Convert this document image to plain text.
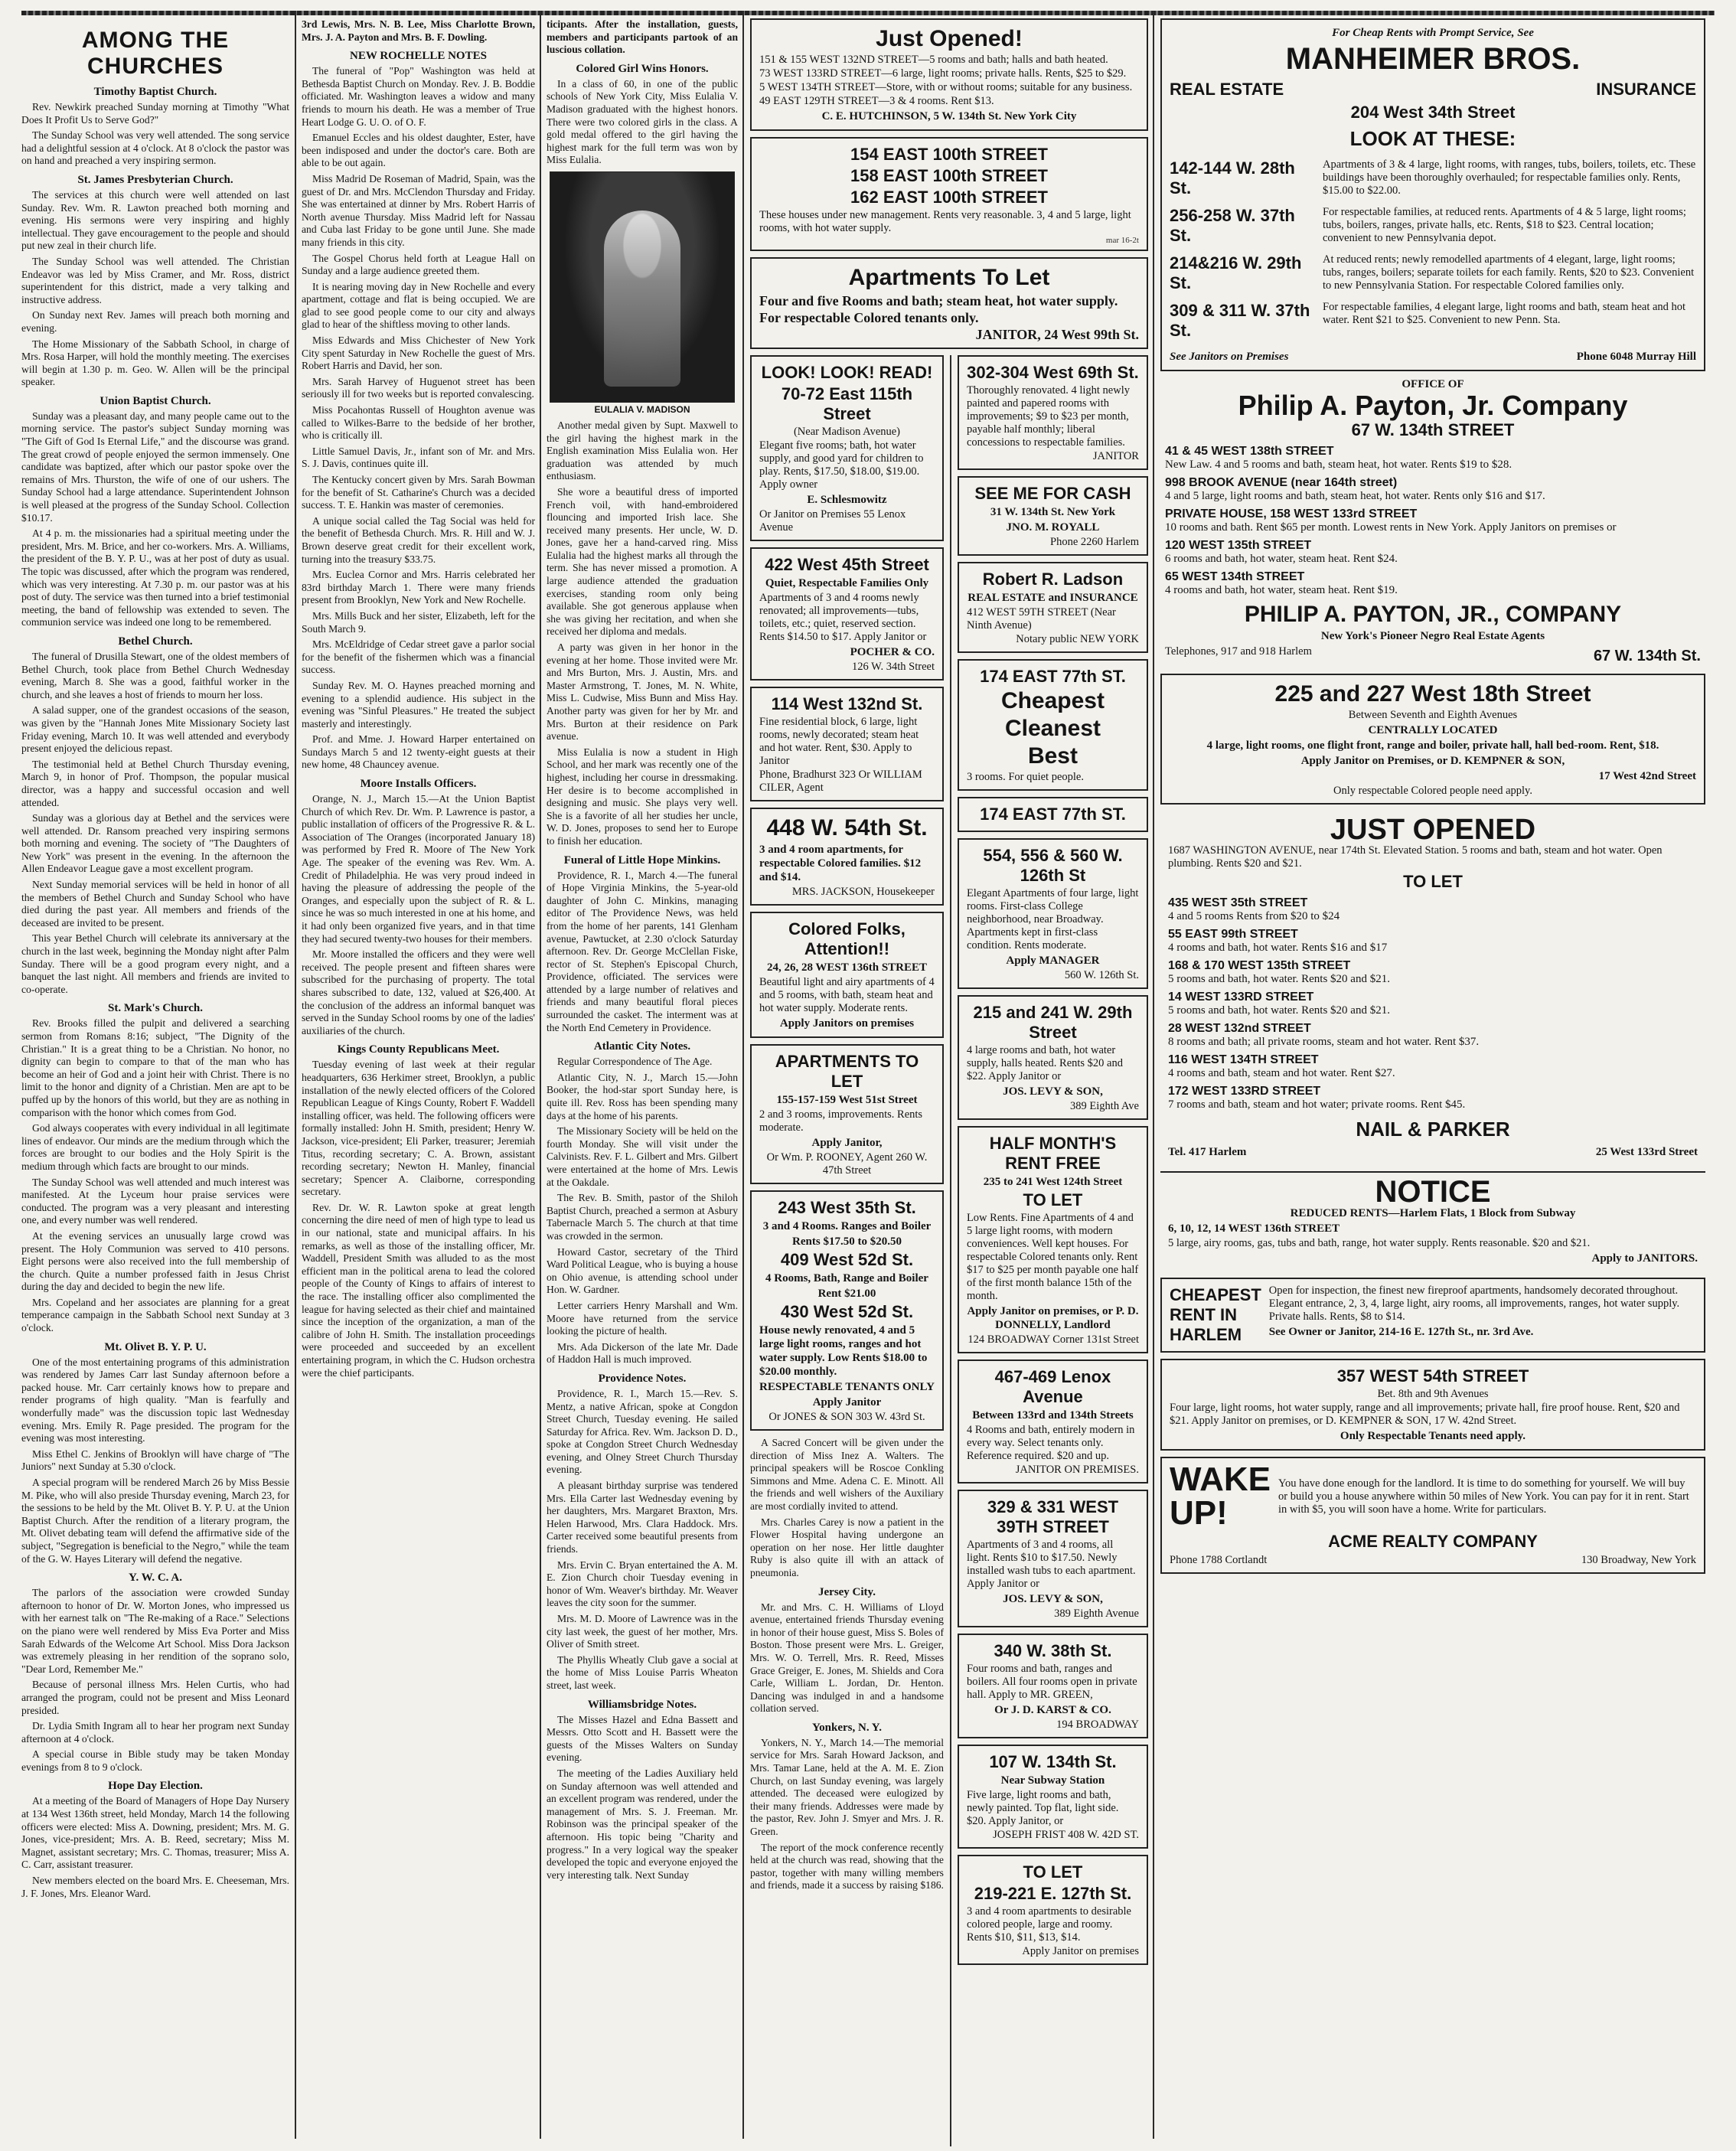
AMONG THE CHURCHES
Timothy Baptist Church.

Rev. Newkirk preached Sunday morning at Timothy "What Does It Profit Us to Serve God?"

The Sunday School was very well attended. The song service had a delightful session at 4 o'clock. At 8 o'clock the pastor was on hand and preached a very inspiring sermon.

St. James Presbyterian Church.

The services at this church were well attended on last Sunday. Rev. Wm. R. Lawton preached both morning and evening. His sermons were very inspiring and highly intellectual. They gave encouragement to the people and should put new zeal in their church life.

The Sunday School was well attended. The Christian Endeavor was led by Miss Cramer, and Mr. Ross, district superintendent for this district, made a very talking and instructive address.

On Sunday next Rev. James will preach both morning and evening.

The Home Missionary of the Sabbath School, in charge of Mrs. Rosa Harper, will hold the monthly meeting. The exercises will begin at 1.30 p. m. Geo. W. Allen will be the principal speaker.

Union Baptist Church.

Sunday was a pleasant day, and many people came out to the morning service. The pastor's subject Sunday morning was "The Gift of God Is Eternal Life," and the discourse was grand. The great crowd of people enjoyed the sermon immensely. One candidate was baptized, after which our pastor spoke over the remains of Mrs. Thurston, the wife of one of our ushers. The Sunday School had a large attendance. Superintendent Johnson is well pleased at the progress of the Sunday School. Collection $10.17.

At 4 p. m. the missionaries had a spiritual meeting under the president, Mrs. M. Brice, and her co-workers. Mrs. A. Williams, the president of the B. Y. P. U., was at her post of duty as usual. The topic was discussed, after which the program was rendered, which was very interesting. At 7.30 p. m. our pastor was at his post of duty. The service was then turned into a brief testimonial meeting, the band of fellowship was extended to seven. The communion service was indeed one long to be remembered.

Bethel Church.

The funeral of Drusilla Stewart, one of the oldest members of Bethel Church, took place from Bethel Church Wednesday evening, March 8. She was a good, faithful worker in the church, and she leaves a host of friends to mourn her loss.

A salad supper, one of the grandest occasions of the season, was given by the "Hannah Jones Mite Missionary Society last Friday evening, March 10. It was well attended and everybody present enjoyed the delicious repast.

The testimonial held at Bethel Church Thursday evening, March 9, in honor of Prof. Thompson, the popular musical director, was a happy and successful occasion and well attended.

Sunday was a glorious day at Bethel and the services were well attended. Dr. Ransom preached very inspiring sermons both morning and evening. The society of "The Daughters of New York" was present in the evening. In the afternoon the Allen Endeavor League gave a most excellent program.

Next Sunday memorial services will be held in honor of all the members of Bethel Church and Sunday School who have died during the past year. All members and friends of the deceased are invited to be present.

This year Bethel Church will celebrate its anniversary at the church in the last week, beginning the Monday night after Palm Sunday. There will be a good program every night, and a banquet the last night. All members and friends are invited to co-operate.

St. Mark's Church.

Rev. Brooks filled the pulpit and delivered a searching sermon from Romans 8:16; subject, "The Dignity of the Christian." It is a great thing to be a Christian. No honor, no dignity can begin to compare to that of the man who has become an heir of God and a joint heir with Christ. There is no limit to the honor and dignity of a Christian. Men are apt to be puffed up by the honors of this world, but they are as nothing in comparison with the honor which comes from God.

God always cooperates with every individual in all legitimate lines of endeavor. Our minds are the medium through which the forces are brought to our bodies and the Holy Spirit is the medium through which facts are brought to our minds.

The Sunday School was well attended and much interest was manifested. At the Lyceum hour praise services were conducted. The program was a very pleasant and interesting one, and every number was well rendered.

At the evening services an unusually large crowd was present. The Holy Communion was served to 410 persons. Eight persons were also received into the full membership of the church. Quite a number professed faith in Jesus Christ during the day and decided to begin the new life.

Mrs. Copeland and her associates are planning for a great temperance campaign in the Sabbath School next Sunday at 3 o'clock.

Mt. Olivet B. Y. P. U.

One of the most entertaining programs of this administration was rendered by James Carr last Sunday afternoon before a packed house. Mr. Carr certainly knows how to prepare and render programs of high quality. "Man is fearfully and wonderfully made" was the discussion topic last Wednesday evening. Mrs. Emily R. Page presided. The program for the evening was most interesting.

Miss Ethel C. Jenkins of Brooklyn will have charge of "The Juniors" next Sunday at 5.30 o'clock.

A special program will be rendered March 26 by Miss Bessie M. Pike, who will also preside Thursday evening, March 23, for the sessions to be held by the Mt. Olivet B. Y. P. U. at the Union Baptist Church. After the rendition of a literary program, the Mt. Olivet debating team will defend the affirmative side of the subject, "Segregation is beneficial to the Negro," while the team of the G. W. Hayes Literary will defend the negative.

Y. W. C. A.

The parlors of the association were crowded Sunday afternoon to honor of Dr. W. Morton Jones, who impressed us with her earnest talk on "The Re-making of a Race." Selections on the piano were well rendered by Miss Eva Porter and Miss Sarah Edwards of the Welcome Art School. Miss Dora Jackson was extremely pleasing in her rendition of the soprano solo, "Dear Lord, Remember Me."

Because of personal illness Mrs. Helen Curtis, who had arranged the program, could not be present and Miss Leonard presided.

Dr. Lydia Smith Ingram all to hear her program next Sunday afternoon at 4 o'clock.

A special course in Bible study may be taken Monday evenings from 8 to 9 o'clock.

Hope Day Election.

At a meeting of the Board of Managers of Hope Day Nursery at 134 West 136th street, held Monday, March 14 the following officers were elected: Miss A. Downing, president; Mrs. M. G. Jones, vice-president; Mrs. A. B. Reed, secretary; Miss M. Magnet, assistant secretary; Mrs. C. Thomas, treasurer; Miss A. C. Carr, assistant treasurer.

New members elected on the board Mrs. E. Cheeseman, Mrs. J. F. Jones, Mrs. Eleanor Ward.

3rd Lewis, Mrs. N. B. Lee, Miss Charlotte Brown, Mrs. J. A. Payton and Mrs. B. F. Dowling.

NEW ROCHELLE NOTES

The funeral of "Pop" Washington was held at Bethesda Baptist Church on Monday. Rev. J. B. Boddie officiated. Mr. Washington leaves a widow and many friends to mourn his death. He was a member of True Heart Lodge G. U. O. of O. F.

Emanuel Eccles and his oldest daughter, Ester, have been indisposed and under the doctor's care. Both are able to be out again.

Miss Madrid De Roseman of Madrid, Spain, was the guest of Dr. and Mrs. McClendon Thursday and Friday. She was entertained at dinner by Mrs. Robert Harris of North avenue Thursday. Miss Madrid left for Nassau and Cuba last Friday to be gone until June. She made many friends in this city.

The Gospel Chorus held forth at League Hall on Sunday and a large audience greeted them.

It is nearing moving day in New Rochelle and every apartment, cottage and flat is being occupied. We are glad to see good people come to our city and always glad to hear of the shiftless moving to other lands.

Miss Edwards and Miss Chichester of New York City spent Saturday in New Rochelle the guest of Mrs. Robert Harris and David, her son.

Mrs. Sarah Harvey of Huguenot street has been seriously ill for two weeks but is reported convalescing.

Miss Pocahontas Russell of Houghton avenue was called to Wilkes-Barre to the bedside of her brother, who is critically ill.

Little Samuel Davis, Jr., infant son of Mr. and Mrs. S. J. Davis, continues quite ill.

The Kentucky concert given by Mrs. Sarah Bowman for the benefit of St. Catharine's Church was a decided success. T. E. Hankin was master of ceremonies.

A unique social called the Tag Social was held for the benefit of Bethesda Church. Mrs. R. Hill and W. J. Brown deserve great credit for their excellent work, turning into the treasury $33.75.

Mrs. Euclea Cornor and Mrs. Harris celebrated her 83rd birthday March 1. There were many friends present from Brooklyn, New York and New Rochelle.

Mrs. Mills Buck and her sister, Elizabeth, left for the South March 9.

Mrs. McEldridge of Cedar street gave a parlor social for the benefit of the fishermen which was a financial success.

Sunday Rev. M. O. Haynes preached morning and evening to a splendid audience. His subject in the evening was "Sinful Pleasures." He treated the subject masterly and interestingly.

Prof. and Mme. J. Howard Harper entertained on Sundays March 5 and 12 twenty-eight guests at their new home, 48 Chauncey avenue.

Moore Installs Officers.

Orange, N. J., March 15.—At the Union Baptist Church of which Rev. Dr. Wm. P. Lawrence is pastor, a public installation of officers of the Progressive R. & L. Association of The Oranges (incorporated January 18) was performed by Fred R. Moore of The New York Age. The speaker of the evening was Rev. Wm. A. Credit of Philadelphia. He was very proud indeed in having the pleasure of addressing the people of the Oranges, and especially upon the subject of R. & L. since he was so much interested in one at his home, and it had only been organized five years, and in that time they had secured twenty-two houses for their members.

Mr. Moore installed the officers and they were well received. The people present and fifteen shares were subscribed for the purchasing of property. The total shares subscribed to date, 132, valued at $26,400. At the conclusion of the address an informal banquet was served in the Sunday School rooms by one of the ladies' auxiliaries of the church.

Kings County Republicans Meet.

Tuesday evening of last week at their regular headquarters, 636 Herkimer street, Brooklyn, a public installation of the newly elected officers of the Colored Republican League of Kings County, Robert F. Waddell installing officer, was held. The following officers were formally installed: John H. Smith, president; Henry W. Jackson, vice-president; Eli Parker, treasurer; Jeremiah Titus, recording secretary; C. A. Brown, assistant recording secretary; Newton H. Manley, financial secretary; Spencer A. Claiborne, corresponding secretary.

Rev. Dr. W. R. Lawton spoke at great length concerning the dire need of men of high type to lead us in our national, state and municipal affairs. In his remarks, as well as those of the installing officer, Mr. Waddell, President Smith was alluded to as the most efficient man in the political arena to lead the colored people of the County of Kings to affairs of interest to the race. The installing officer also complimented the league for having selected as their chief and maintained since the inception of the organization, a man of the calibre of John H. Smith. The installation proceedings were proceeded and succeeded by an excellent entertaining program, in which the C. Hudson orchestra were the chief participants.

ticipants. After the installation, guests, members and participants partook of an luscious collation.

Colored Girl Wins Honors.

In a class of 60, in one of the public schools of New York City, Miss Eulalia V. Madison graduated with the highest honors. There were two colored girls in the class. A gold medal offered to the girl having the highest mark for the full term was won by Miss Eulalia.

EULALIA V. MADISON

Another medal given by Supt. Maxwell to the girl having the highest mark in the English examination Miss Eulalia won. Her graduation was attended by much enthusiasm.

She wore a beautiful dress of imported French voil, with hand-embroidered flouncing and imported Irish lace. She received many presents. Her uncle, W. D. Jones, gave her a hand-carved ring. Miss Eulalia had the highest marks all through the term. She has never missed a promotion. A large audience attended the graduation exercises, standing room only being available. She got generous applause when she was giving her recitation, and when she received her diploma and medals.

A party was given in her honor in the evening at her home. Those invited were Mr. and Mrs Burton, Mrs. J. Austin, Mrs. and Master Armstrong, T. Jones, M. N. White, Miss L. Cudwise, Miss Bunn and Miss Hay. Another party was given for her by Mr. and Mrs. Burton at their residence on Park avenue.

Miss Eulalia is now a student in High School, and her mark was recently one of the highest, including her course in dressmaking. Her desire is to become accomplished in designing and music. She plays very well. She is a favorite of all her studies her uncle, W. D. Jones, proposes to send her to Europe to finish her education.

Funeral of Little Hope Minkins.

Providence, R. I., March 4.—The funeral of Hope Virginia Minkins, the 5-year-old daughter of John C. Minkins, managing editor of The Providence News, was held from the home of her parents, 141 Glenham avenue, Pawtucket, at 2.30 o'clock Saturday afternoon. Rev. Dr. George McClellan Fiske, rector of St. Stephen's Episcopal Church, Providence, officiated. The services were attended by a large number of relatives and friends and many beautiful floral pieces surrounded the casket. The interment was at the North End Cemetery in Providence.

Atlantic City Notes.

Regular Correspondence of The Age.

Atlantic City, N. J., March 15.—John Booker, the hod-star sport Sunday here, is quite ill. Rev. Ross has been spending many days at the home of his parents.

The Missionary Society will be held on the fourth Monday. She will visit under the Calvinists. Rev. F. L. Gilbert and Mrs. Gilbert were entertained at the home of Mrs. Lewis at the Oakdale.

The Rev. B. Smith, pastor of the Shiloh Baptist Church, preached a sermon at Asbury Tabernacle March 5. The church at that time was crowded in the sermon.

Howard Castor, secretary of the Third Ward Political League, who is buying a house on Ohio avenue, is attending school under Hon. W. Gardner.

Letter carriers Henry Marshall and Wm. Moore have returned from the service looking the picture of health.

Mrs. Ada Dickerson of the late Mr. Dade of Haddon Hall is much improved.

Providence Notes.

Providence, R. I., March 15.—Rev. S. Mentz, a native African, spoke at Congdon Street Church, Tuesday evening. He sailed Saturday for Africa. Rev. Wm. Jackson D. D., spoke at Congdon Street Church Wednesday evening, and Olney Street Church Thursday evening.

A pleasant birthday surprise was tendered Mrs. Ella Carter last Wednesday evening by her daughters, Mrs. Margaret Braxton, Mrs. Helen Harwood, Mrs. Clara Haddock. Mrs. Carter received some beautiful presents from friends.

Mrs. Ervin C. Bryan entertained the A. M. E. Zion Church choir Tuesday evening in honor of Wm. Weaver's birthday. Mr. Weaver leaves the city soon for the summer.

Mrs. M. D. Moore of Lawrence was in the city last week, the guest of her mother, Mrs. Oliver of Smith street.

The Phyllis Wheatly Club gave a social at the home of Miss Louise Parris Wheaton street, last week.

Williamsbridge Notes.

The Misses Hazel and Edna Bassett and Messrs. Otto Scott and H. Bassett were the guests of the Misses Walters on Sunday evening.

The meeting of the Ladies Auxiliary held on Sunday afternoon was well attended and an excellent program was rendered, under the management of Mrs. S. J. Freeman. Mr. Robinson was the principal speaker of the afternoon. His topic being "Charity and progress." In a very logical way the speaker developed the topic and everyone enjoyed the very interesting talk. Next Sunday

Just Opened!
151 & 155 WEST 132ND STREET—5 rooms and bath; halls and bath heated.
73 WEST 133RD STREET—6 large, light rooms; private halls. Rents, $25 to $29.
5 WEST 134TH STREET—Store, with or without rooms; suitable for any business.
49 EAST 129TH STREET—3 & 4 rooms. Rent $13.
C. E. HUTCHINSON, 5 W. 134th St. New York City
154 EAST 100th STREET
158 EAST 100th STREET
162 EAST 100th STREET
These houses under new management. Rents very reasonable. 3, 4 and 5 large, light rooms, with hot water supply.
mar 16-2t
Apartments To Let
Four and five Rooms and bath; steam heat, hot water supply. For respectable Colored tenants only.
JANITOR, 24 West 99th St.
LOOK! LOOK! READ!
70-72 East 115th Street
(Near Madison Avenue)
Elegant five rooms; bath, hot water supply, and good yard for children to play. Rents, $17.50, $18.00, $19.00. Apply owner
E. Schlesmowitz
Or Janitor on Premises 55 Lenox Avenue
422 West 45th Street
Quiet, Respectable Families Only
Apartments of 3 and 4 rooms newly renovated; all improvements—tubs, toilets, etc.; quiet, reserved section. Rents $14.50 to $17. Apply Janitor or
POCHER & CO.
126 W. 34th Street
114 West 132nd St.
Fine residential block, 6 large, light rooms, newly decorated; steam heat and hot water. Rent, $30. Apply to Janitor
Phone, Bradhurst 323 Or WILLIAM CILER, Agent
448 W. 54th St.
3 and 4 room apartments, for respectable Colored families. $12 and $14.
MRS. JACKSON, Housekeeper
Colored Folks, Attention!!
24, 26, 28 WEST 136th STREET
Beautiful light and airy apartments of 4 and 5 rooms, with bath, steam heat and hot water supply. Moderate rents.
Apply Janitors on premises
APARTMENTS TO LET
155-157-159 West 51st Street
2 and 3 rooms, improvements. Rents moderate.
Apply Janitor,
Or Wm. P. ROONEY, Agent 260 W. 47th Street
243 West 35th St.
3 and 4 Rooms. Ranges and Boiler
Rents $17.50 to $20.50
409 West 52d St.
4 Rooms, Bath, Range and Boiler
Rent $21.00
430 West 52d St.
House newly renovated, 4 and 5 large light rooms, ranges and hot water supply. Low Rents $18.00 to $20.00 monthly.
RESPECTABLE TENANTS ONLY
Apply Janitor
Or JONES & SON 303 W. 43rd St.

A Sacred Concert will be given under the direction of Miss Inez A. Walters. The principal speakers will be Roscoe Conkling Simmons and Mme. Adena C. E. Minott. All the friends and well wishers of the Auxiliary are most cordially invited to attend.

Mrs. Charles Carey is now a patient in the Flower Hospital having undergone an operation on her nose. Her little daughter Ruby is also quite ill with an attack of pneumonia.

Jersey City.

Mr. and Mrs. C. H. Williams of Lloyd avenue, entertained friends Thursday evening in honor of their house guest, Miss S. Boles of Boston. Those present were Mrs. L. Greiger, Mrs. W. O. Terrell, Mrs. R. Reed, Misses Grace Greiger, E. Jones, M. Shields and Cora Carle, William L. Jordan, Dr. Henton. Dancing was indulged in and a handsome collation served.

Yonkers, N. Y.

Yonkers, N. Y., March 14.—The memorial service for Mrs. Sarah Howard Jackson, and Mrs. Tamar Lane, held at the A. M. E. Zion Church, on last Sunday evening, was largely attended. The deceased were eulogized by their many friends. Addresses were made by the pastor, Rev. John J. Smyer and Mrs. J. R. Green.

The report of the mock conference recently held at the church was read, showing that the pastor, together with many willing members and friends, made it a success by raising $186.

302-304 West 69th St.
Thoroughly renovated. 4 light newly painted and papered rooms with improvements; $9 to $23 per month, payable half monthly; liberal concessions to respectable families.
JANITOR
SEE ME FOR CASH
31 W. 134th St. New York
JNO. M. ROYALL
Phone 2260 Harlem
Robert R. Ladson
REAL ESTATE and INSURANCE
412 WEST 59TH STREET (Near Ninth Avenue)
Notary public NEW YORK
174 EAST 77th ST.
Cheapest
Cleanest
Best
3 rooms. For quiet people.
174 EAST 77th ST.
554, 556 & 560 W. 126th St
Elegant Apartments of four large, light rooms. First-class College neighborhood, near Broadway. Apartments kept in first-class condition. Rents moderate.
Apply MANAGER
560 W. 126th St.
215 and 241 W. 29th Street
4 large rooms and bath, hot water supply, halls heated. Rents $20 and $22. Apply Janitor or
JOS. LEVY & SON,
389 Eighth Ave
HALF MONTH'S RENT FREE
235 to 241 West 124th Street
TO LET
Low Rents. Fine Apartments of 4 and 5 large light rooms, with modern conveniences. Well kept houses. For respectable Colored tenants only. Rent $17 to $25 per month payable one half of the first month balance 15th of the month.
Apply Janitor on premises, or P. D. DONNELLY, Landlord
124 BROADWAY Corner 131st Street
467-469 Lenox Avenue
Between 133rd and 134th Streets
4 Rooms and bath, entirely modern in every way. Select tenants only. Reference required. $20 and up.
JANITOR ON PREMISES.
329 & 331 WEST 39TH STREET
Apartments of 3 and 4 rooms, all light. Rents $10 to $17.50. Newly installed wash tubs to each apartment. Apply Janitor or
JOS. LEVY & SON,
389 Eighth Avenue
340 W. 38th St.
Four rooms and bath, ranges and boilers. All four rooms open in private hall. Apply to MR. GREEN,
Or J. D. KARST & CO.
194 BROADWAY
107 W. 134th St.
Near Subway Station
Five large, light rooms and bath, newly painted. Top flat, light side. $20. Apply Janitor, or
JOSEPH FRIST 408 W. 42D ST.
TO LET
219-221 E. 127th St.
3 and 4 room apartments to desirable colored people, large and roomy. Rents $10, $11, $13, $14.
Apply Janitor on premises
For Cheap Rents with Prompt Service, See
MANHEIMER BROS.
REAL ESTATE	INSURANCE
204 West 34th Street
LOOK AT THESE:
142-144 W. 28th St.
Apartments of 3 & 4 large, light rooms, with ranges, tubs, boilers, toilets, etc. These buildings have been thoroughly overhauled; for respectable families only. Rents, $15.00 to $22.00.
256-258 W. 37th St.
For respectable families, at reduced rents. Apartments of 4 & 5 large, light rooms; tubs, boilers, ranges, private halls, etc. Rents, $18 to $23. Central location; convenient to new Pennsylvania depot.
214&216 W. 29th St.
At reduced rents; newly remodelled apartments of 4 elegant, large, light rooms; tubs, ranges, boilers; separate toilets for each family. Rents, $20 to $23. Convenient to new Pennsylvania Station. For respectable Colored families only.
309 & 311 W. 37th St.
For respectable families, 4 elegant large, light rooms and bath, steam heat and hot water. Rent $21 to $25. Convenient to new Penn. Sta.
See Janitors on Premises	Phone 6048 Murray Hill
OFFICE OF
Philip A. Payton, Jr. Company
67 W. 134th STREET
41 & 45 WEST 138th STREET
New Law. 4 and 5 rooms and bath, steam heat, hot water. Rents $19 to $28.
998 BROOK AVENUE (near 164th street)
4 and 5 large, light rooms and bath, steam heat, hot water. Rents only $16 and $17.
PRIVATE HOUSE, 158 WEST 133rd STREET
10 rooms and bath. Rent $65 per month. Lowest rents in New York. Apply Janitors on premises or
120 WEST 135th STREET
6 rooms and bath, hot water, steam heat. Rent $24.
65 WEST 134th STREET
4 rooms and bath, hot water, steam heat. Rent $19.
PHILIP A. PAYTON, JR., COMPANY
New York's Pioneer Negro Real Estate Agents
Telephones, 917 and 918 Harlem	67 W. 134th St.
225 and 227 West 18th Street
Between Seventh and Eighth Avenues
CENTRALLY LOCATED
4 large, light rooms, one flight front, range and boiler, private hall, hall bed-room. Rent, $18.
Apply Janitor on Premises, or D. KEMPNER & SON,
17 West 42nd Street
Only respectable Colored people need apply.
JUST OPENED
1687 WASHINGTON AVENUE, near 174th St. Elevated Station. 5 rooms and bath, steam and hot water. Open plumbing. Rents $20 and $21.
TO LET
435 WEST 35th STREET
4 and 5 rooms Rents from $20 to $24
55 EAST 99th STREET
4 rooms and bath, hot water. Rents $16 and $17
168 & 170 WEST 135th STREET
5 rooms and bath, hot water. Rents $20 and $21.
14 WEST 133RD STREET
5 rooms and bath, hot water. Rents $20 and $21.
28 WEST 132nd STREET
8 rooms and bath; all private rooms, steam and hot water. Rent $37.
116 WEST 134TH STREET
4 rooms and bath, steam and hot water. Rent $27.
172 WEST 133RD STREET
7 rooms and bath, steam and hot water; private rooms. Rent $45.
NAIL & PARKER
Tel. 417 Harlem	25 West 133rd Street
NOTICE
REDUCED RENTS—Harlem Flats, 1 Block from Subway
6, 10, 12, 14 WEST 136th STREET
5 large, airy rooms, gas, tubs and bath, range, hot water supply. Rents reasonable. $20 and $21.
Apply to JANITORS.
CHEAPEST RENT IN HARLEM
Open for inspection, the finest new fireproof apartments, handsomely decorated throughout. Elegant entrance, 2, 3, 4, large light, airy rooms, all improvements, ranges, hot water supply. Private halls. Rents, $8 to $14.
See Owner or Janitor, 214-16 E. 127th St., nr. 3rd Ave.
357 WEST 54th STREET
Bet. 8th and 9th Avenues
Four large, light rooms, hot water supply, range and all improvements; private hall, fire proof house. Rent, $20 and $21. Apply Janitor on premises, or D. KEMPNER & SON, 17 W. 42nd Street.
Only Respectable Tenants need apply.
WAKE UP!
You have done enough for the landlord. It is time to do something for yourself. We will buy or build you a house anywhere within 50 miles of New York. You can pay for it in rent. Start in with $5, you will soon have a home. Write for particulars.
ACME REALTY COMPANY
Phone 1788 Cortlandt	130 Broadway, New York
